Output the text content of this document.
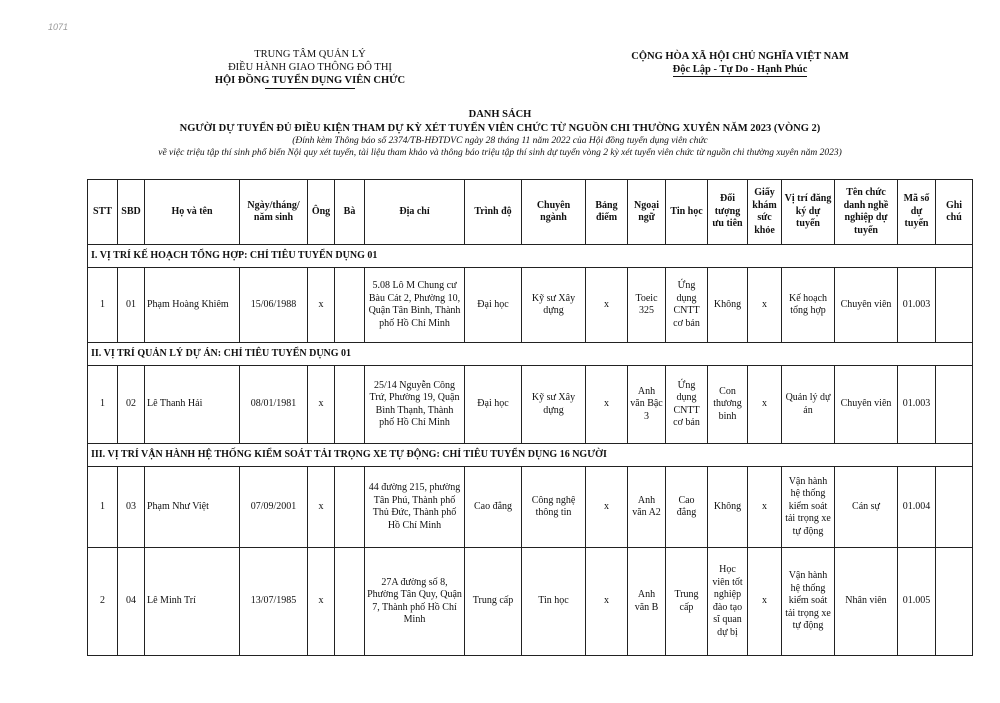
1071
TRUNG TÂM QUẢN LÝ
ĐIỀU HÀNH GIAO THÔNG ĐÔ THỊ
HỘI ĐỒNG TUYỂN DỤNG VIÊN CHỨC
CỘNG HÒA XÃ HỘI CHỦ NGHĨA VIỆT NAM
Độc Lập - Tự Do - Hạnh Phúc
DANH SÁCH
NGƯỜI DỰ TUYỂN ĐỦ ĐIỀU KIỆN THAM DỰ KỲ XÉT TUYỂN VIÊN CHỨC TỪ NGUỒN CHI THƯỜNG XUYÊN NĂM 2023 (VÒNG 2)
(Đính kèm Thông báo số 2374/TB-HĐTDVC ngày 28 tháng 11 năm 2022 của Hội đồng tuyển dụng viên chức
về việc triệu tập thí sinh phổ biến Nội quy xét tuyển, tài liệu tham khảo và thông báo triệu tập thí sinh dự tuyển vòng 2 kỳ xét tuyển viên chức từ nguồn chi thường xuyên năm 2023)
STT	SBD	Họ và tên	Ngày/tháng/ năm sinh	Ông	Bà	Địa chỉ	Trình độ	Chuyên ngành	Bảng điểm	Ngoại ngữ	Tin học	Đối tượng ưu tiên	Giấy khám sức khỏe	Vị trí đăng ký dự tuyển	Tên chức danh nghề nghiệp dự tuyển	Mã số dự tuyển	Ghi chú
I. VỊ TRÍ KẾ HOẠCH TỔNG HỢP: CHỈ TIÊU TUYỂN DỤNG 01																	
1	01	Phạm Hoàng Khiêm	15/06/1988	x		5.08 Lô M Chung cư Bàu Cát 2, Phường 10, Quận Tân Bình, Thành phố Hồ Chí Minh	Đại học	Kỹ sư Xây dựng	x	Toeic 325	Ứng dụng CNTT cơ bản	Không	x	Kế hoạch tổng hợp	Chuyên viên	01.003	
II. VỊ TRÍ QUẢN LÝ DỰ ÁN: CHỈ TIÊU TUYỂN DỤNG 01																	
1	02	Lê Thanh Hải	08/01/1981	x		25/14 Nguyễn Công Trứ, Phường 19, Quận Bình Thạnh, Thành phố Hồ Chí Minh	Đại học	Kỹ sư Xây dựng	x	Anh văn Bậc 3	Ứng dụng CNTT cơ bản	Con thương binh	x	Quản lý dự án	Chuyên viên	01.003	
III. VỊ TRÍ VẬN HÀNH HỆ THỐNG KIỂM SOÁT TẢI TRỌNG XE TỰ ĐỘNG: CHỈ TIÊU TUYỂN DỤNG 16 NGƯỜI																	
1	03	Phạm Như Việt	07/09/2001	x		44 đường 215, phường Tân Phú, Thành phố Thủ Đức, Thành phố Hồ Chí Minh	Cao đẳng	Công nghệ thông tin	x	Anh văn A2	Cao đẳng	Không	x	Vận hành hệ thống kiểm soát tải trọng xe tự động	Cán sự	01.004	
2	04	Lê Minh Trí	13/07/1985	x		27A đường số 8, Phường Tân Quy, Quận 7, Thành phố Hồ Chí Minh	Trung cấp	Tin học	x	Anh văn B	Trung cấp	Học viên tốt nghiệp đào tạo sĩ quan dự bị	x	Vận hành hệ thống kiểm soát tải trọng xe tự động	Nhân viên	01.005	
